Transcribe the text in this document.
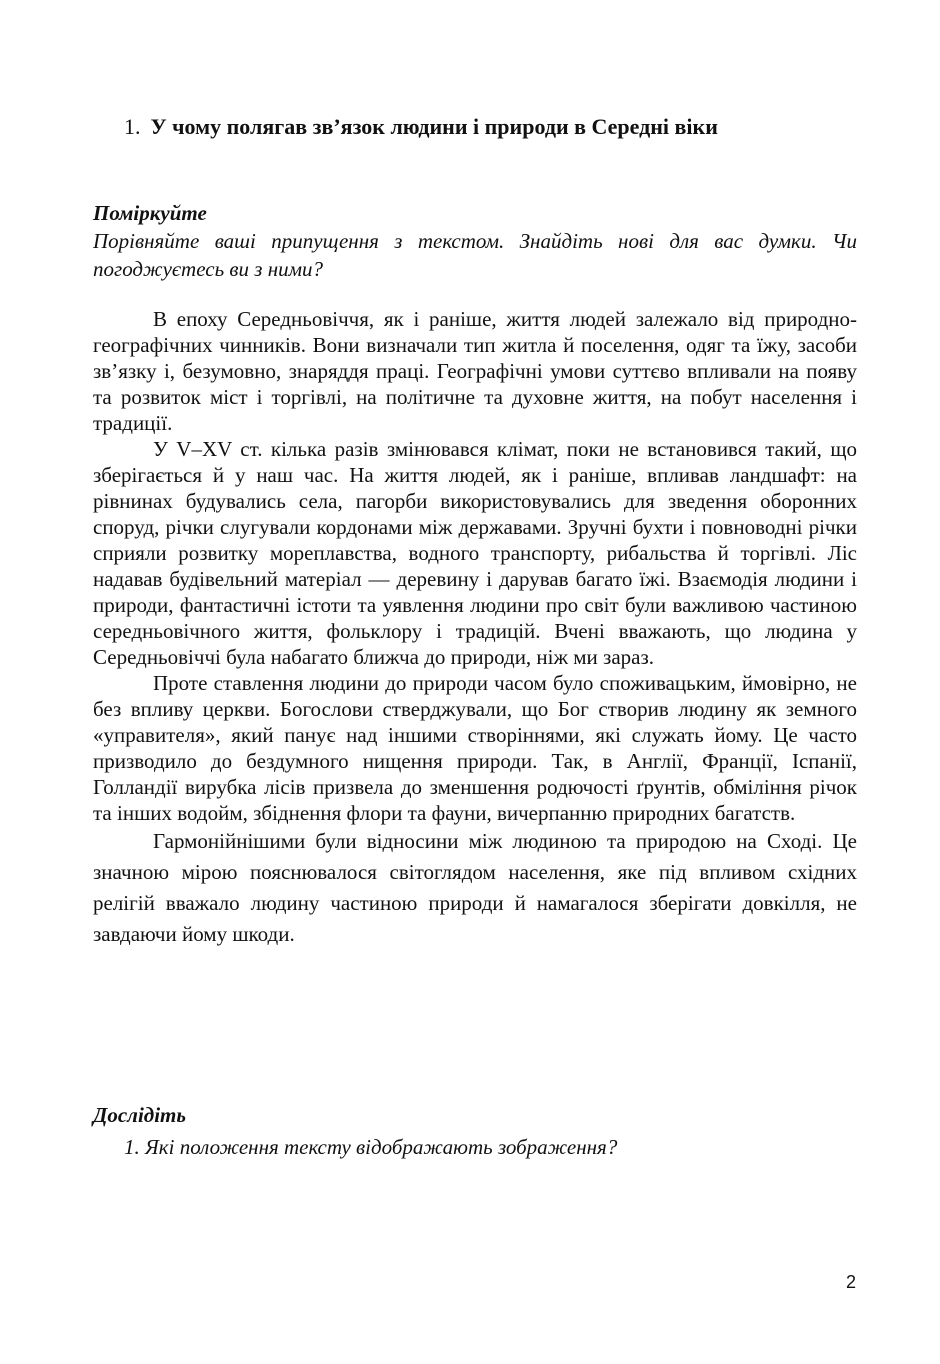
1. У чому полягав зв’язок людини і природи в Середні віки
Поміркуйте
Порівняйте ваші припущення з текстом. Знайдіть нові для вас думки. Чи погоджуєтесь ви з ними?

В епоху Середньовіччя, як і раніше, життя людей залежало від природно-географічних чинників. Вони визначали тип житла й поселення, одяг та їжу, засоби зв’язку і, безумовно, знаряддя праці. Географічні умови суттєво впливали на появу та розвиток міст і торгівлі, на політичне та духовне життя, на побут населення і традиції.

У V–XV ст. кілька разів змінювався клімат, поки не встановився такий, що зберігається й у наш час. На життя людей, як і раніше, впливав ландшафт: на рівнинах будувались села, пагорби використовувались для зведення оборонних споруд, річки слугували кордонами між державами. Зручні бухти і повноводні річки сприяли розвитку мореплавства, водного транспорту, рибальства й торгівлі. Ліс надавав будівельний матеріал — деревину і дарував багато їжі. Взаємодія людини і природи, фантастичні істоти та уявлення людини про світ були важливою частиною середньовічного життя, фольклору і традицій. Вчені вважають, що людина у Середньовіччі була набагато ближча до природи, ніж ми зараз.

Проте ставлення людини до природи часом було споживацьким, ймовірно, не без впливу церкви. Богослови стверджували, що Бог створив людину як земного «управителя», який панує над іншими створіннями, які служать йому. Це часто призводило до бездумного нищення природи. Так, в Англії, Франції, Іспанії, Голландії вирубка лісів призвела до зменшення родючості ґрунтів, обміління річок та інших водойм, збіднення флори та фауни, вичерпанню природних багатств.

Гармонійнішими були відносини між людиною та природою на Сході. Це значною мірою пояснювалося світоглядом населення, яке під впливом східних релігій вважало людину частиною природи й намагалося зберігати довкілля, не завдаючи йому шкоди.

Дослідіть
1. Які положення тексту відображають зображення?
2
